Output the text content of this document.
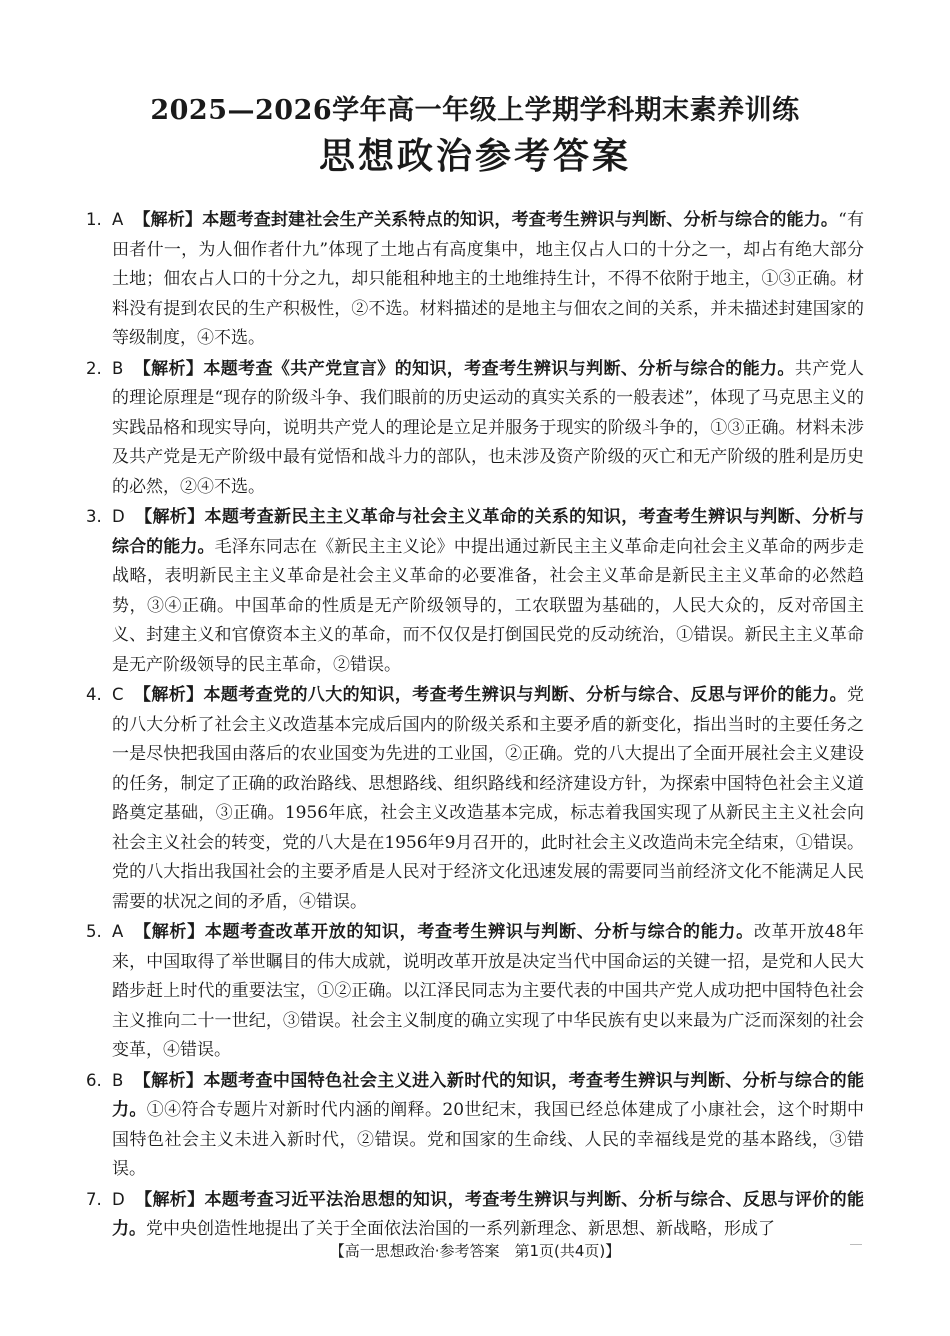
2025—2026学年高一年级上学期学科期末素养训练
思想政治参考答案
1. A 【解析】本题考查封建社会生产关系特点的知识，考查考生辨识与判断、分析与综合的能力。“有田者什一，为人佃作者什九”体现了土地占有高度集中，地主仅占人口的十分之一，却占有绝大部分土地；佃农占人口的十分之九，却只能租种地主的土地维持生计，不得不依附于地主，①③正确。材料没有提到农民的生产积极性，②不选。材料描述的是地主与佃农之间的关系，并未描述封建国家的等级制度，④不选。
2. B 【解析】本题考查《共产党宣言》的知识，考查考生辨识与判断、分析与综合的能力。共产党人的理论原理是“现存的阶级斗争、我们眼前的历史运动的真实关系的一般表述”，体现了马克思主义的实践品格和现实导向，说明共产党人的理论是立足并服务于现实的阶级斗争的，①③正确。材料未涉及共产党是无产阶级中最有觉悟和战斗力的部队，也未涉及资产阶级的灭亡和无产阶级的胜利是历史的必然，②④不选。
3. D 【解析】本题考查新民主主义革命与社会主义革命的关系的知识，考查考生辨识与判断、分析与综合的能力。毛泽东同志在《新民主主义论》中提出通过新民主主义革命走向社会主义革命的两步走战略，表明新民主主义革命是社会主义革命的必要准备，社会主义革命是新民主主义革命的必然趋势，③④正确。中国革命的性质是无产阶级领导的，工农联盟为基础的，人民大众的，反对帝国主义、封建主义和官僚资本主义的革命，而不仅仅是打倒国民党的反动统治，①错误。新民主主义革命是无产阶级领导的民主革命，②错误。
4. C 【解析】本题考查党的八大的知识，考查考生辨识与判断、分析与综合、反思与评价的能力。党的八大分析了社会主义改造基本完成后国内的阶级关系和主要矛盾的新变化，指出当时的主要任务之一是尽快把我国由落后的农业国变为先进的工业国，②正确。党的八大提出了全面开展社会主义建设的任务，制定了正确的政治路线、思想路线、组织路线和经济建设方针，为探索中国特色社会主义道路奠定基础，③正确。1956年底，社会主义改造基本完成，标志着我国实现了从新民主主义社会向社会主义社会的转变，党的八大是在1956年9月召开的，此时社会主义改造尚未完全结束，①错误。党的八大指出我国社会的主要矛盾是人民对于经济文化迅速发展的需要同当前经济文化不能满足人民需要的状况之间的矛盾，④错误。
5. A 【解析】本题考查改革开放的知识，考查考生辨识与判断、分析与综合的能力。改革开放48年来，中国取得了举世瞩目的伟大成就，说明改革开放是决定当代中国命运的关键一招，是党和人民大踏步赶上时代的重要法宝，①②正确。以江泽民同志为主要代表的中国共产党人成功把中国特色社会主义推向二十一世纪，③错误。社会主义制度的确立实现了中华民族有史以来最为广泛而深刻的社会变革，④错误。
6. B 【解析】本题考查中国特色社会主义进入新时代的知识，考查考生辨识与判断、分析与综合的能力。①④符合专题片对新时代内涵的阐释。20世纪末，我国已经总体建成了小康社会，这个时期中国特色社会主义未进入新时代，②错误。党和国家的生命线、人民的幸福线是党的基本路线，③错误。
7. D 【解析】本题考查习近平法治思想的知识，考查考生辨识与判断、分析与综合、反思与评价的能力。党中央创造性地提出了关于全面依法治国的一系列新理念、新思想、新战略，形成了
【高一思想政治·参考答案　第1页(共4页)】
